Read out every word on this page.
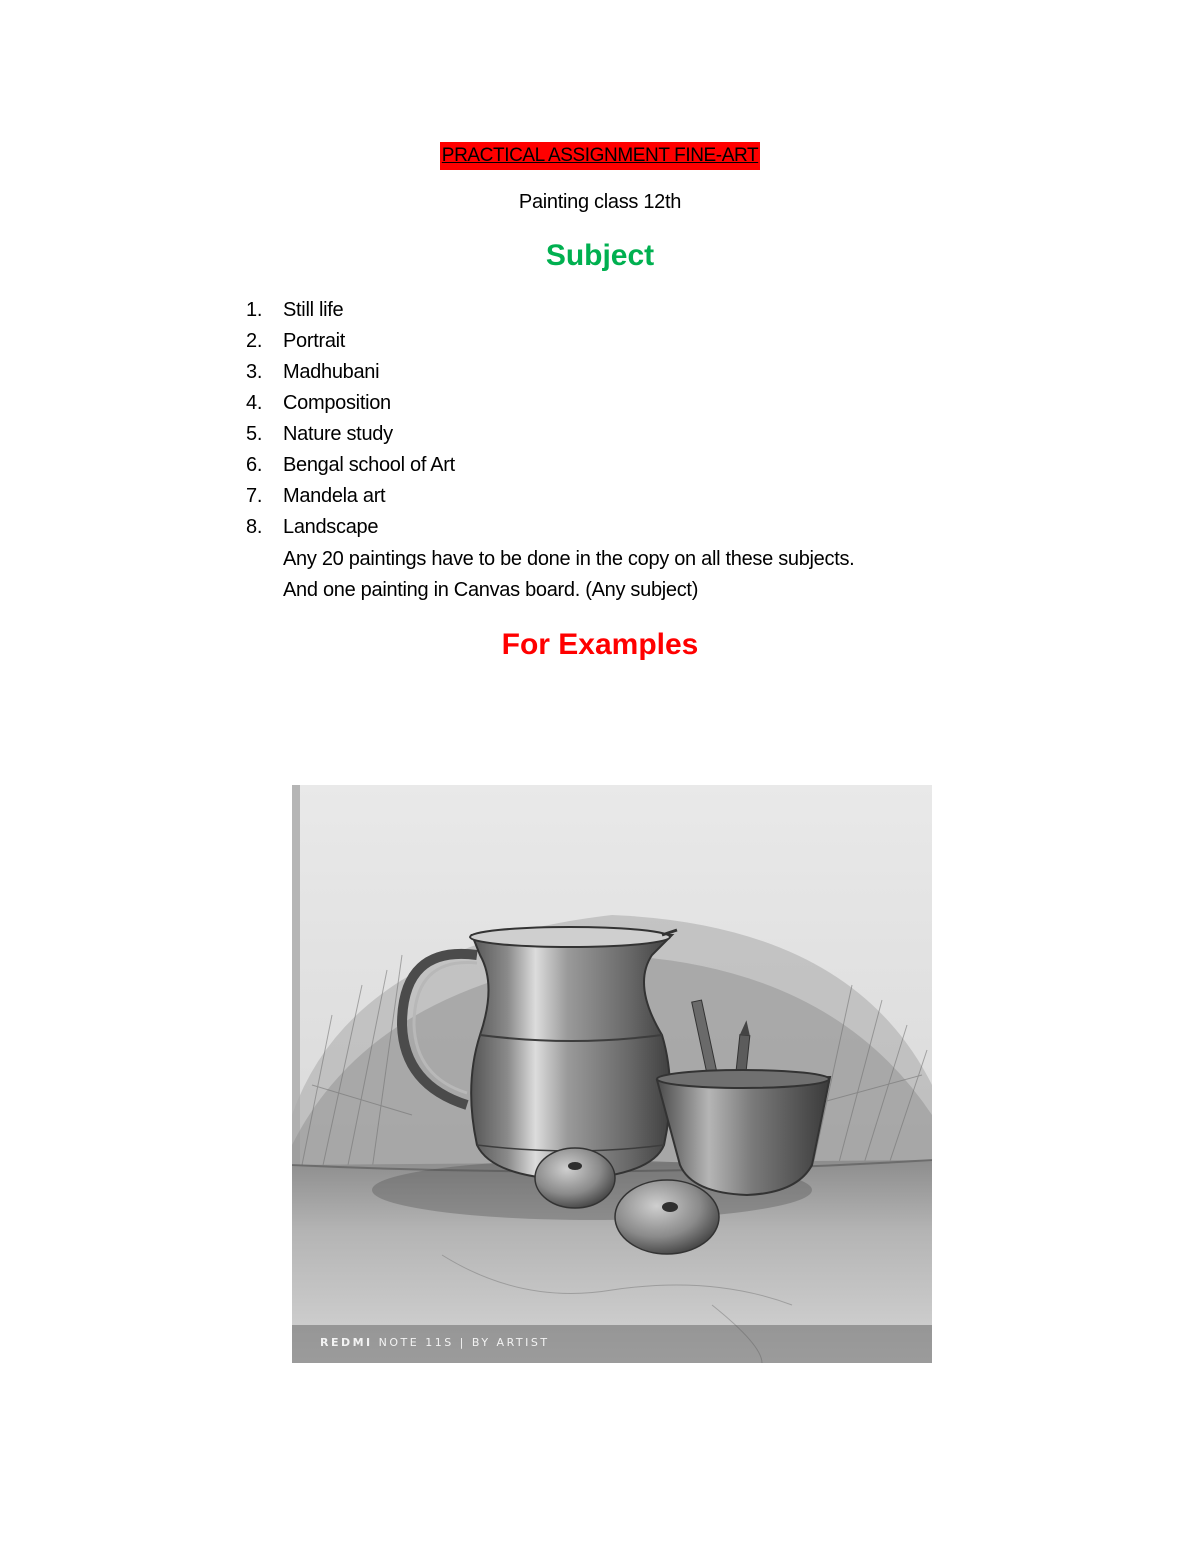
PRACTICAL ASSIGNMENT FINE-ART
Painting class 12th
Subject
1.	Still life
2.	Portrait
3.	Madhubani
4.	Composition
5.	Nature study
6.	Bengal school of Art
7.	Mandela art
8.	Landscape
Any 20 paintings have to be done in the copy on all these subjects.
And one painting in Canvas board. (Any subject)
For Examples
REDMI NOTE 11S | BY ARTIST
